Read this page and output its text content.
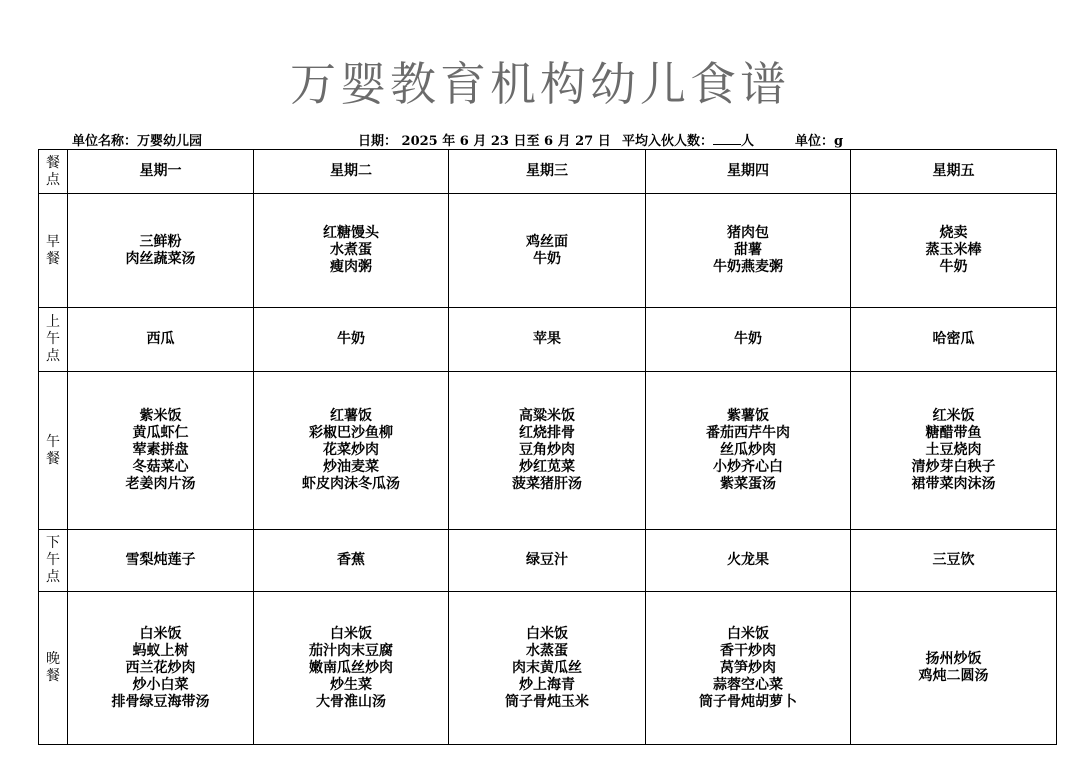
万婴教育机构幼儿食谱
单位名称：万婴幼儿园	日期： 2025 年 6 月 23 日至 6 月 27 日 平均入伙人数： 人	单位：g
餐
点	星期一	星期二	星期三	星期四	星期五

早
餐	三鲜粉
肉丝蔬菜汤	红糖馒头
水煮蛋
瘦肉粥	鸡丝面
牛奶	猪肉包
甜薯
牛奶燕麦粥	烧卖
蒸玉米棒
牛奶

上
午
点	西瓜	牛奶	苹果	牛奶	哈密瓜

午
餐	紫米饭
黄瓜虾仁
荤素拼盘
冬菇菜心
老姜肉片汤	红薯饭
彩椒巴沙鱼柳
花菜炒肉
炒油麦菜
虾皮肉沫冬瓜汤	高粱米饭
红烧排骨
豆角炒肉
炒红苋菜
菠菜猪肝汤	紫薯饭
番茄西芹牛肉
丝瓜炒肉
小炒齐心白
紫菜蛋汤	红米饭
糖醋带鱼
土豆烧肉
清炒芽白秧子
裙带菜肉沫汤

下
午
点	雪梨炖莲子	香蕉	绿豆汁	火龙果	三豆饮

晚
餐	白米饭
蚂蚁上树
西兰花炒肉
炒小白菜
排骨绿豆海带汤	白米饭
茄汁肉末豆腐
嫩南瓜丝炒肉
炒生菜
大骨淮山汤	白米饭
水蒸蛋
肉末黄瓜丝
炒上海青
筒子骨炖玉米	白米饭
香干炒肉
莴笋炒肉
蒜蓉空心菜
筒子骨炖胡萝卜	扬州炒饭
鸡炖二圆汤
